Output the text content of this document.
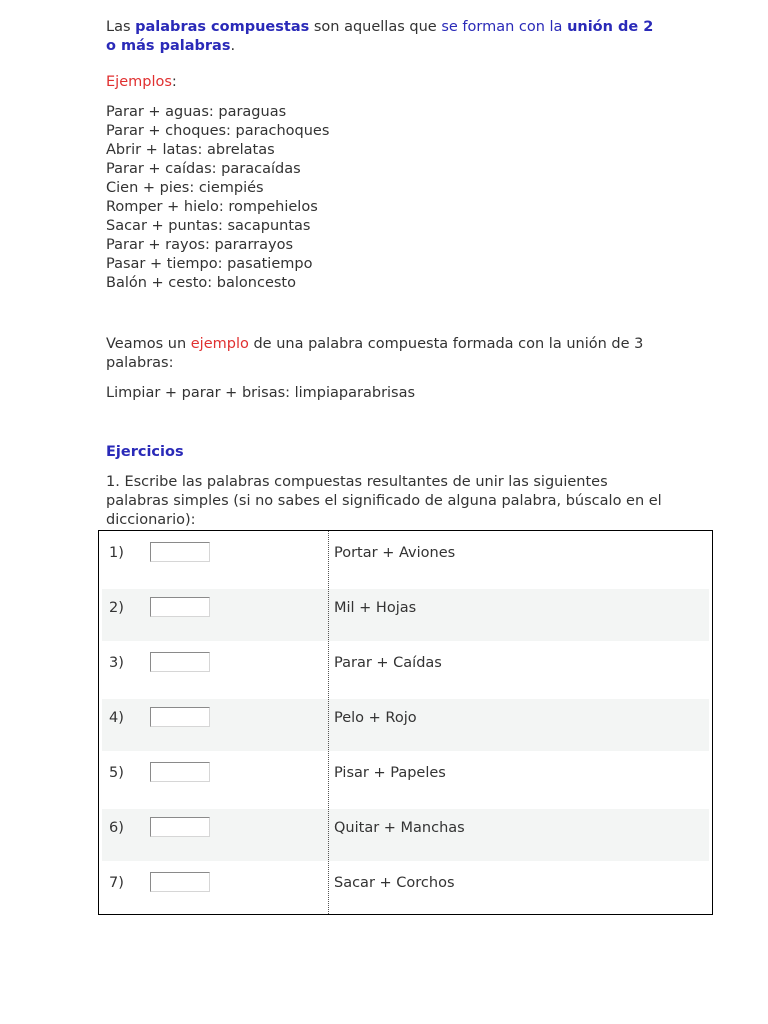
Las palabras compuestas son aquellas que se forman con la unión de 2 o más palabras.

Ejemplos:

Parar + aguas: paraguas
Parar + choques: parachoques
Abrir + latas: abrelatas
Parar + caídas: paracaídas
Cien + pies: ciempiés
Romper + hielo: rompehielos
Sacar + puntas: sacapuntas
Parar + rayos: pararrayos
Pasar + tiempo: pasatiempo
Balón + cesto: baloncesto

Veamos un ejemplo de una palabra compuesta formada con la unión de 3 palabras:

Limpiar + parar + brisas: limpiaparabrisas

Ejercicios

1. Escribe las palabras compuestas resultantes de unir las siguientes palabras simples (si no sabes el significado de alguna palabra, búscalo en el diccionario):

1)	Portar + Aviones
2)	Mil + Hojas
3)	Parar + Caídas
4)	Pelo + Rojo
5)	Pisar + Papeles
6)	Quitar + Manchas
7)	Sacar + Corchos
